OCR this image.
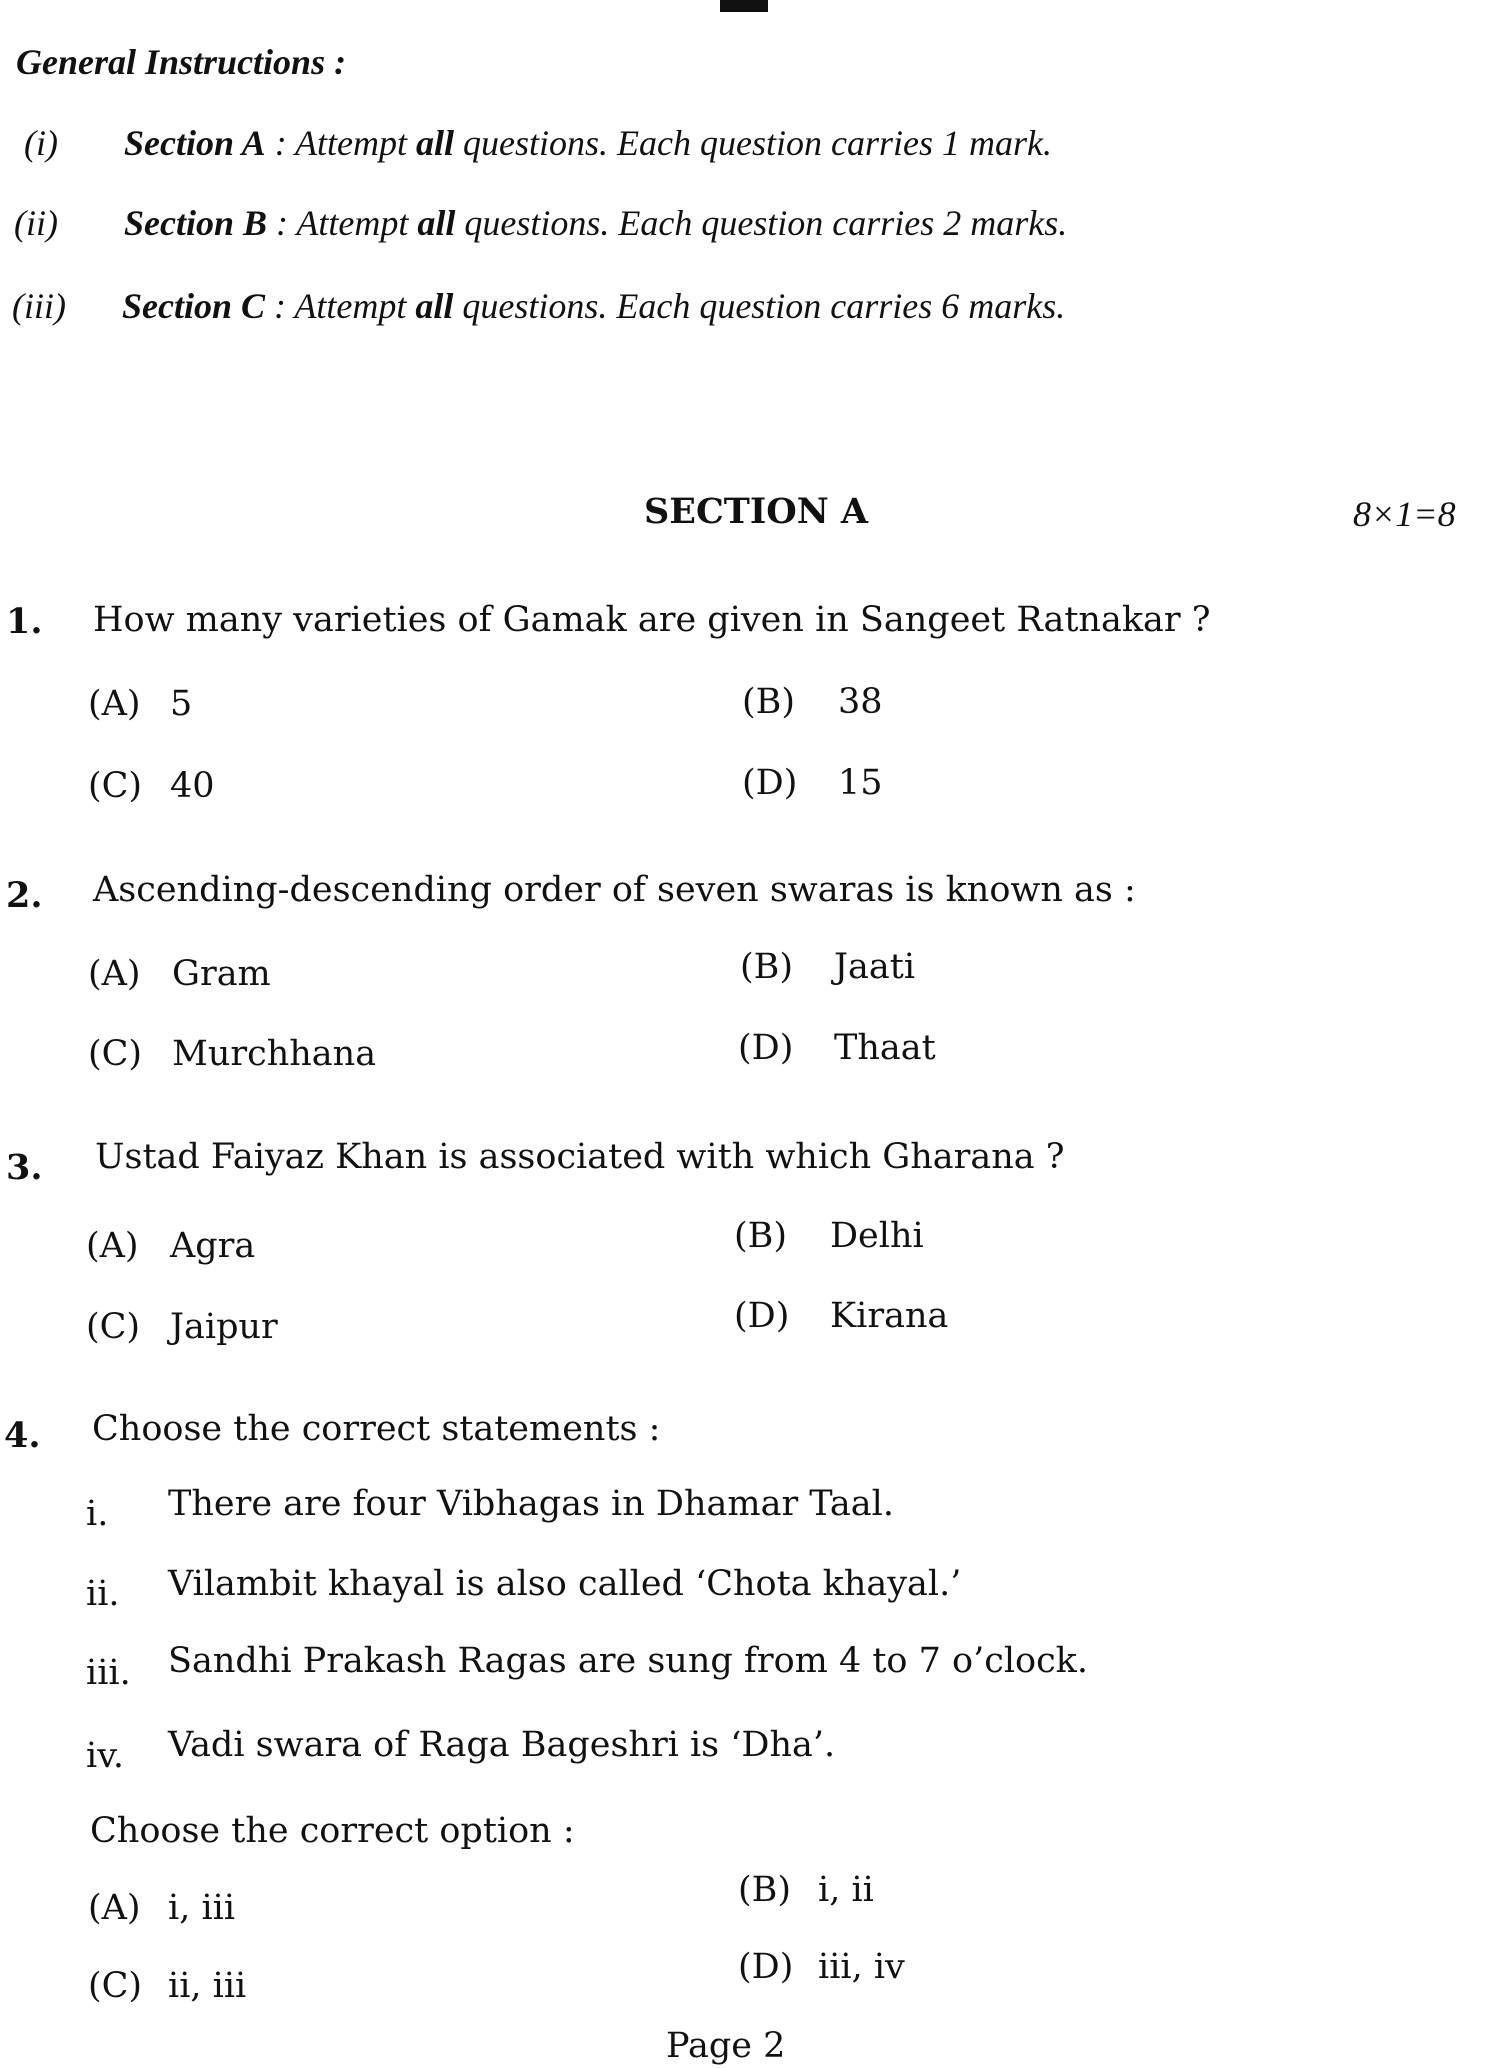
General Instructions :
(i) Section A : Attempt all questions. Each question carries 1 mark.
(ii) Section B : Attempt all questions. Each question carries 2 marks.
(iii) Section C : Attempt all questions. Each question carries 6 marks.
SECTION A	8×1=8
1. How many varieties of Gamak are given in Sangeet Ratnakar ?
(A) 5	(B) 38
(C) 40	(D) 15
2. Ascending-descending order of seven swaras is known as :
(A) Gram	(B) Jaati
(C) Murchhana	(D) Thaat
3. Ustad Faiyaz Khan is associated with which Gharana ?
(A) Agra	(B) Delhi
(C) Jaipur	(D) Kirana
4. Choose the correct statements :
i. There are four Vibhagas in Dhamar Taal.
ii. Vilambit khayal is also called ‘Chota khayal.’
iii. Sandhi Prakash Ragas are sung from 4 to 7 o’clock.
iv. Vadi swara of Raga Bageshri is ‘Dha’.
Choose the correct option :
(A) i, iii	(B) i, ii
(C) ii, iii	(D) iii, iv
Page 2
